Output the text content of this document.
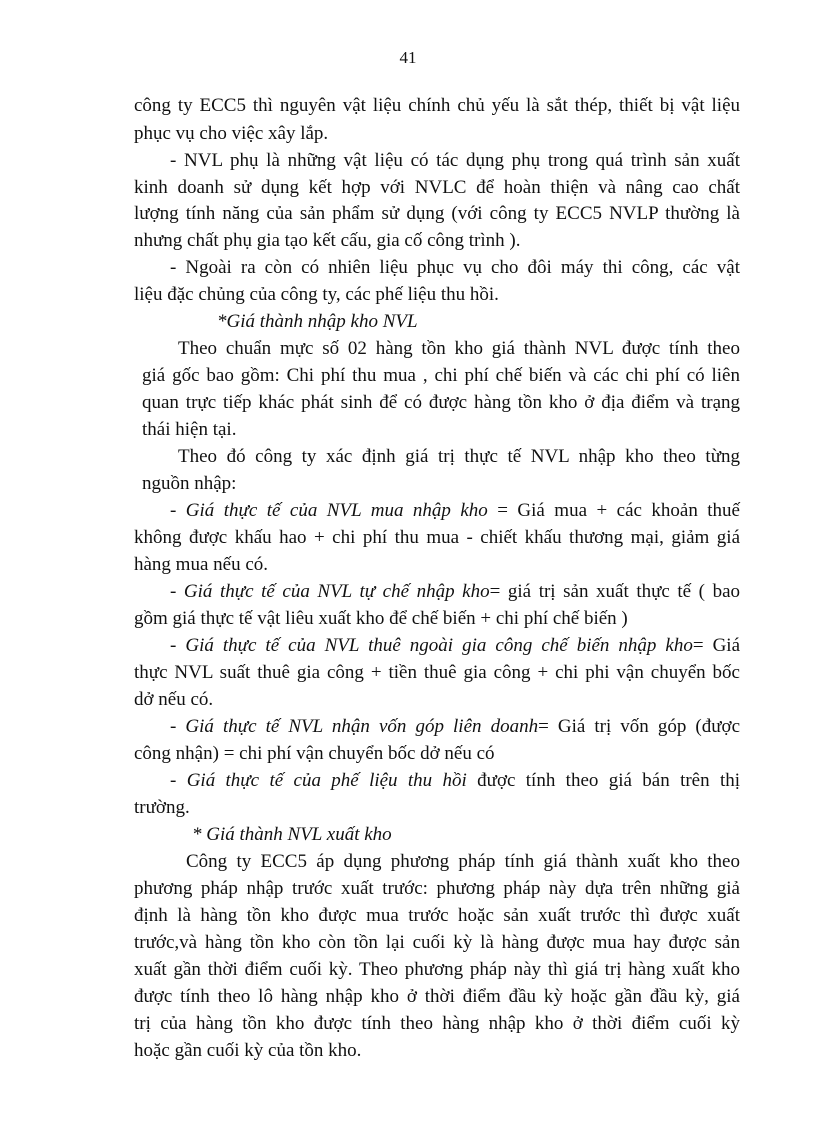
41
công ty ECC5 thì nguyên vật liệu chính chủ yếu là sắt thép, thiết bị vật liệu
phục vụ cho việc xây lắp.
- NVL phụ là những vật liệu có tác dụng phụ trong quá trình sản xuất
kinh doanh sử dụng kết hợp với NVLC để hoàn thiện và nâng cao chất
lượng tính năng của sản phẩm sử dụng (với công ty ECC5 NVLP thường là
nhưng chất phụ gia tạo kết cấu, gia cố công trình ).
- Ngoài ra còn có nhiên liệu phục vụ cho đôi máy thi công, các vật
liệu đặc chủng của công ty, các phế liệu thu hồi.
*Giá thành nhập kho NVL
Theo chuẩn mực số 02 hàng tồn kho giá thành NVL được tính theo
giá gốc bao gồm: Chi phí thu mua , chi phí chế biến và các chi phí có liên
quan trực tiếp khác phát sinh để có được hàng tồn kho ở địa điểm và trạng
thái hiện tại.
Theo đó công ty xác định giá trị thực tế NVL nhập kho theo từng
nguồn nhập:
- Giá thực tế của NVL mua nhập kho = Giá mua + các khoản thuế
không được khấu hao + chi phí thu mua - chiết khấu thương mại, giảm giá
hàng mua nếu có.
- Giá thực tế của NVL tự chế nhập kho= giá trị sản xuất thực tế ( bao
gồm giá thực tế vật liêu xuất kho để chế biến + chi phí chế biến )
- Giá thực tế của NVL thuê ngoài gia công chế biến nhập kho= Giá
thực NVL suất thuê gia công + tiền thuê gia công + chi phi vận chuyển bốc
dở nếu có.
- Giá thực tế NVL nhận vốn góp liên doanh= Giá trị vốn góp (được
công nhận) = chi phí vận chuyển bốc dở nếu có
- Giá thực tế của phế liệu thu hồi được tính theo giá bán trên thị
trường.
* Giá thành NVL xuất kho
Công ty ECC5 áp dụng phương pháp tính giá thành xuất kho theo
phương pháp nhập trước xuất trước: phương pháp này dựa trên những giả
định là hàng tồn kho được mua trước hoặc sản xuất trước thì được xuất
trước,và hàng tồn kho còn tồn lại cuối kỳ là hàng được mua hay được sản
xuất gần thời điểm cuối kỳ. Theo phương pháp này thì giá trị hàng xuất kho
được tính theo lô hàng nhập kho ở thời điểm đầu kỳ hoặc gần đầu kỳ, giá
trị của hàng tồn kho được tính theo hàng nhập kho ở thời điểm cuối kỳ
hoặc gần cuối kỳ của tồn kho.
